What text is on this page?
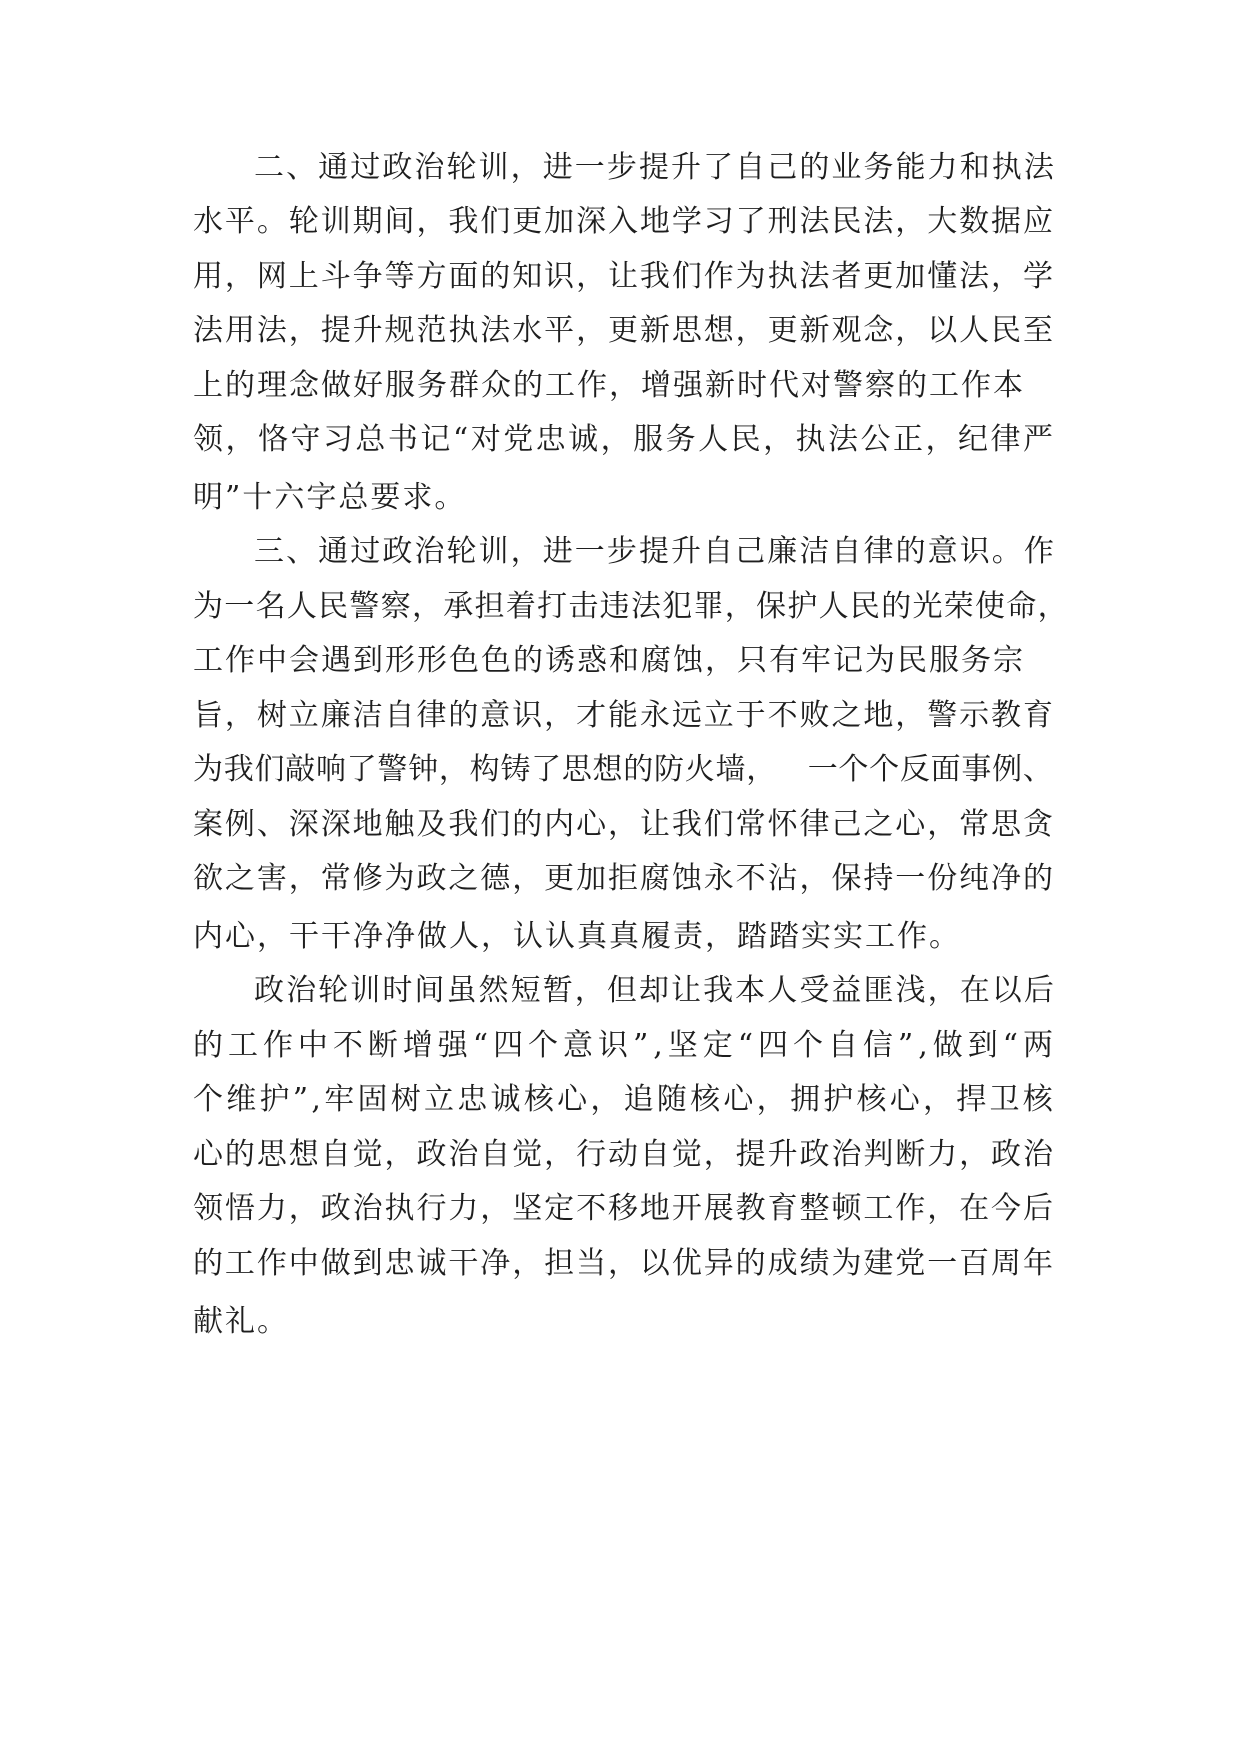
二 、 通 过 政 治 轮 训 ， 进 一 步 提 升 了 自 己 的 业 务 能 力 和 执 法
水 平 。 轮 训 期 间 ， 我 们 更 加 深 入 地 学 习 了 刑 法 民 法 ， 大 数 据 应
用 ， 网 上 斗 争 等 方 面 的 知 识 ， 让 我 们 作 为 执 法 者 更 加 懂 法 ， 学
法 用 法 ， 提 升 规 范 执 法 水 平 ， 更 新 思 想 ， 更 新 观 念 ， 以 人 民 至
上 的 理 念 做 好 服 务 群 众 的 工 作 ， 增 强 新 时 代 对 警 察 的 工 作 本
领 ， 恪 守 习 总 书 记 “ 对 党 忠 诚 ， 服 务 人 民 ， 执 法 公 正 ， 纪 律 严
明”十六字总要求。
三 、 通 过 政 治 轮 训 ， 进 一 步 提 升 自 己 廉 洁 自 律 的 意 识 。 作
为 一 名 人 民 警 察 ， 承 担 着 打 击 违 法 犯 罪 ， 保 护 人 民 的 光 荣 使 命 ，
工 作 中 会 遇 到 形 形 色 色 的 诱 惑 和 腐 蚀 ， 只 有 牢 记 为 民 服 务 宗
旨 ， 树 立 廉 洁 自 律 的 意 识 ， 才 能 永 远 立 于 不 败 之 地 ， 警 示 教 育
为 我 们 敲 响 了 警 钟 ， 构 铸 了 思 想 的 防 火 墙 ，
　 一 个 个 反 面 事 例 、
案 例 、 深 深 地 触 及 我 们 的 内 心 ， 让 我 们 常 怀 律 己 之 心 ， 常 思 贪
欲 之 害 ， 常 修 为 政 之 德 ， 更 加 拒 腐 蚀 永 不 沾 ， 保 持 一 份 纯 净 的
内心，干干净净做人，认认真真履责，踏踏实实工作。
政 治 轮 训 时 间 虽 然 短 暂 ， 但 却 让 我 本 人 受 益 匪 浅 ， 在 以 后
的 工 作 中 不 断 增 强 “ 四 个 意 识 ” , 坚 定 “ 四 个 自 信 ” , 做 到 “ 两
个 维 护 ” , 牢 固 树 立 忠 诚 核 心 ， 追 随 核 心 ， 拥 护 核 心 ， 捍 卫 核
心 的 思 想 自 觉 ， 政 治 自 觉 ， 行 动 自 觉 ， 提 升 政 治 判 断 力 ， 政 治
领 悟 力 ， 政 治 执 行 力 ， 坚 定 不 移 地 开 展 教 育 整 顿 工 作 ， 在 今 后
的 工 作 中 做 到 忠 诚 干 净 ， 担 当 ， 以 优 异 的 成 绩 为 建 党 一 百 周 年
献礼。
